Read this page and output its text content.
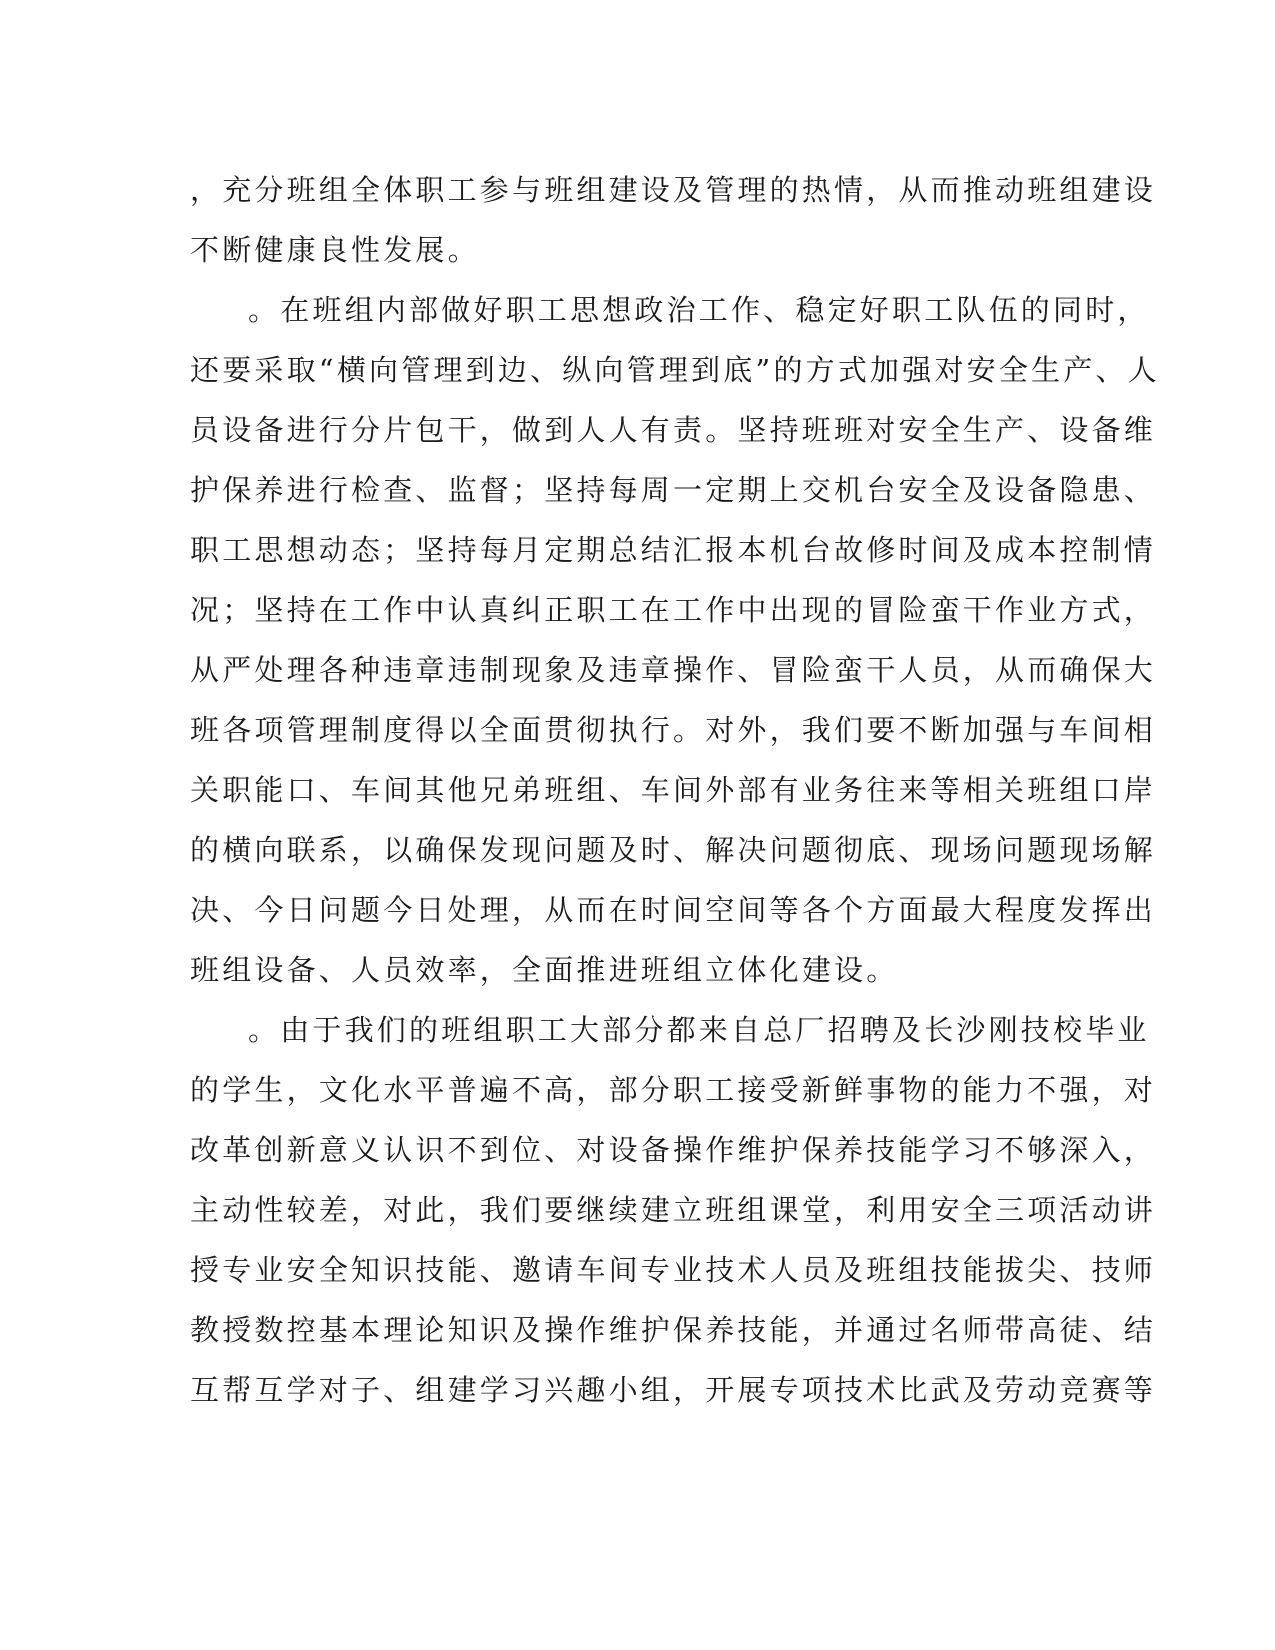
，充分班组全体职工参与班组建设及管理的热情，从而推动班组建设
不断健康良性发展。
。在班组内部做好职工思想政治工作、稳定好职工队伍的同时，
还要采取“横向管理到边、纵向管理到底”的方式加强对安全生产、人
员设备进行分片包干，做到人人有责。坚持班班对安全生产、设备维
护保养进行检查、监督；坚持每周一定期上交机台安全及设备隐患、
职工思想动态；坚持每月定期总结汇报本机台故修时间及成本控制情
况；坚持在工作中认真纠正职工在工作中出现的冒险蛮干作业方式，
从严处理各种违章违制现象及违章操作、冒险蛮干人员，从而确保大
班各项管理制度得以全面贯彻执行。对外，我们要不断加强与车间相
关职能口、车间其他兄弟班组、车间外部有业务往来等相关班组口岸
的横向联系，以确保发现问题及时、解决问题彻底、现场问题现场解
决、今日问题今日处理，从而在时间空间等各个方面最大程度发挥出
班组设备、人员效率，全面推进班组立体化建设。
。由于我们的班组职工大部分都来自总厂招聘及长沙刚技校毕业
的学生，文化水平普遍不高，部分职工接受新鲜事物的能力不强，对
改革创新意义认识不到位、对设备操作维护保养技能学习不够深入，
主动性较差，对此，我们要继续建立班组课堂，利用安全三项活动讲
授专业安全知识技能、邀请车间专业技术人员及班组技能拔尖、技师
教授数控基本理论知识及操作维护保养技能，并通过名师带高徒、结
互帮互学对子、组建学习兴趣小组，开展专项技术比武及劳动竞赛等
